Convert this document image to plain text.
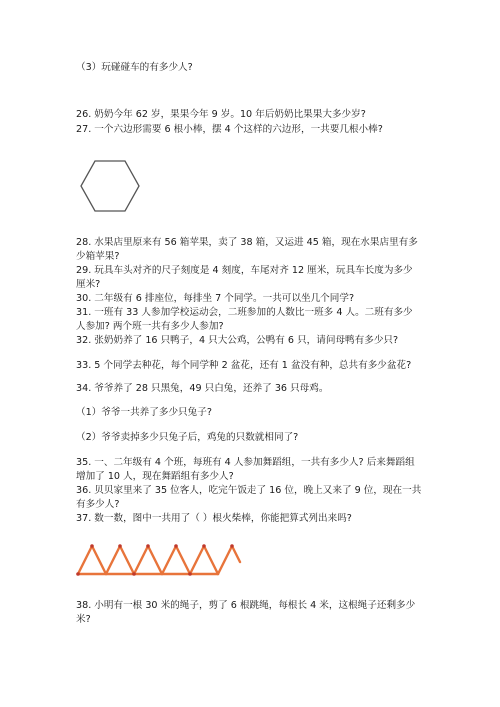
（3）玩碰碰车的有多少人?
26. 奶奶今年 62 岁，果果今年 9 岁。10 年后奶奶比果果大多少岁?
27. 一个六边形需要 6 根小棒，摆 4 个这样的六边形，一共要几根小棒?
28. 水果店里原来有 56 箱苹果，卖了 38 箱，又运进 45 箱，现在水果店里有多
少箱苹果?
29. 玩具车头对齐的尺子刻度是 4 刻度，车尾对齐 12 厘米，玩具车长度为多少
厘米?
30. 二年级有 6 排座位，每排坐 7 个同学。一共可以坐几个同学?
31. 一班有 33 人参加学校运动会，二班参加的人数比一班多 4 人。二班有多少
人参加? 两个班一共有多少人参加?
32. 张奶奶养了 16 只鸭子，4 只大公鸡，公鸭有 6 只，请问母鸭有多少只?
33. 5 个同学去种花，每个同学种 2 盆花，还有 1 盆没有种，总共有多少盆花?
34. 爷爷养了 28 只黑兔，49 只白兔，还养了 36 只母鸡。
（1）爷爷一共养了多少只兔子?
（2）爷爷卖掉多少只兔子后，鸡兔的只数就相同了?
35. 一、二年级有 4 个班，每班有 4 人参加舞蹈组，一共有多少人? 后来舞蹈组
增加了 10 人，现在舞蹈组有多少人?
36. 贝贝家里来了 35 位客人，吃完午饭走了 16 位，晚上又来了 9 位，现在一共
有多少人?
37. 数一数，图中一共用了（ ）根火柴棒，你能把算式列出来吗?
38. 小明有一根 30 米的绳子，剪了 6 根跳绳，每根长 4 米，这根绳子还剩多少
米?
